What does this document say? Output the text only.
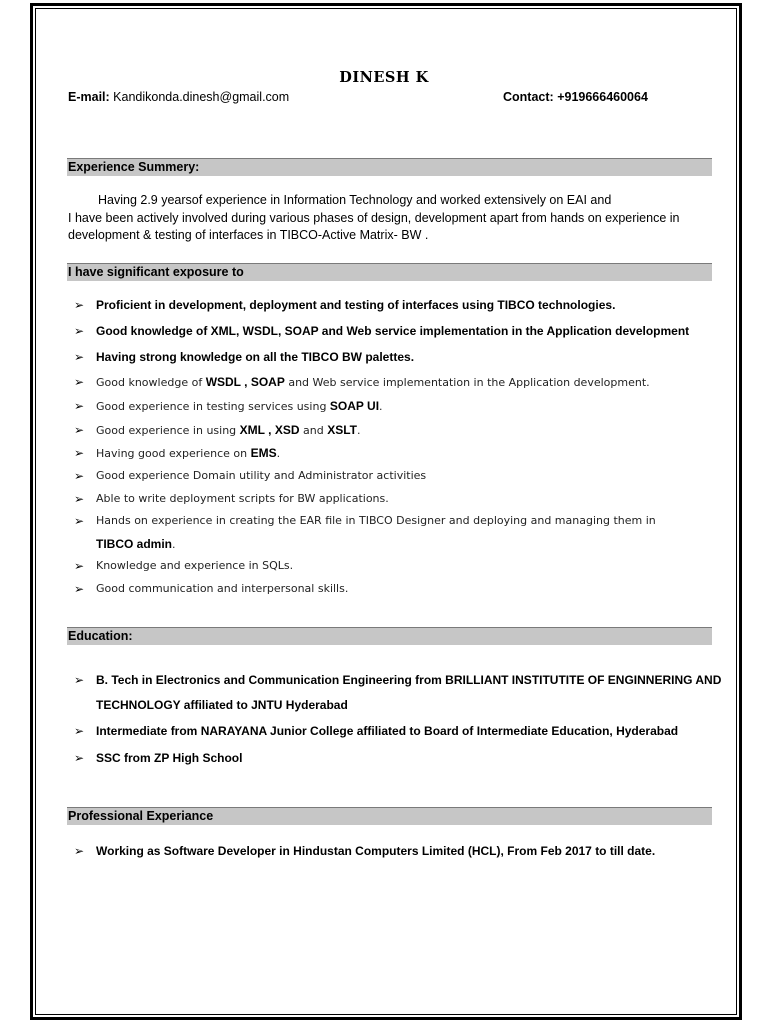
DINESH K
E-mail: Kandikonda.dinesh@gmail.com	Contact: +919666460064
Experience Summery:
Having 2.9 yearsof experience in Information Technology and worked extensively on EAI and
I have been actively involved during various phases of design, development apart from hands on experience in
development & testing of interfaces in TIBCO-Active Matrix- BW .
I have significant exposure to
➢ Proficient in development, deployment and testing of interfaces using TIBCO technologies.
➢ Good knowledge of XML, WSDL, SOAP and Web service implementation in the Application development
➢ Having strong knowledge on all the TIBCO BW palettes.
➢ Good knowledge of WSDL , SOAP and Web service implementation in the Application development.
➢ Good experience in testing services using SOAP UI.
➢ Good experience in using XML , XSD and XSLT.
➢ Having good experience on EMS.
➢ Good experience Domain utility and Administrator activities
➢ Able to write deployment scripts for BW applications.
➢ Hands on experience in creating the EAR file in TIBCO Designer and deploying and managing them in
TIBCO admin.
➢ Knowledge and experience in SQLs.
➢ Good communication and interpersonal skills.
Education:
➢ B. Tech in Electronics and Communication Engineering from BRILLIANT INSTITUTITE OF ENGINNERING AND
TECHNOLOGY affiliated to JNTU Hyderabad
➢ Intermediate from NARAYANA Junior College affiliated to Board of Intermediate Education, Hyderabad
➢ SSC from ZP High School
Professional Experiance
➢ Working as Software Developer in Hindustan Computers Limited (HCL), From Feb 2017 to till date.
